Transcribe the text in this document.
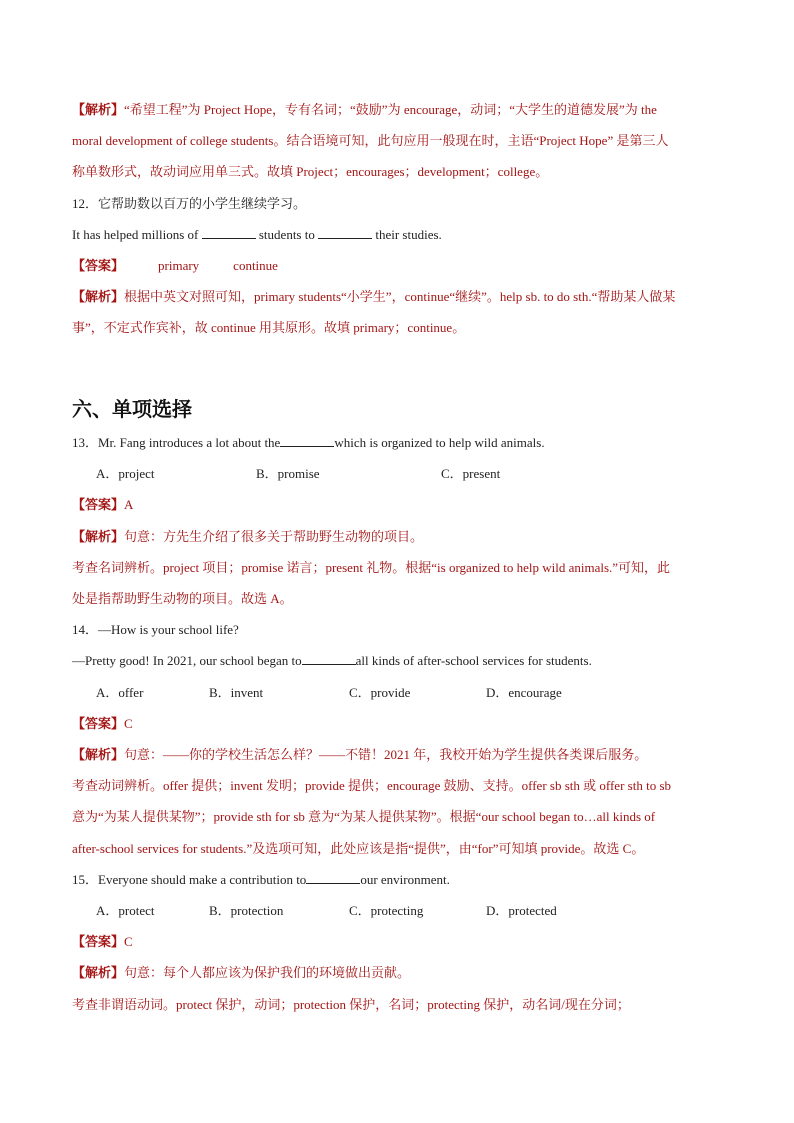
【解析】“希望工程”为 Project Hope，专有名词；“鼓励”为 encourage，动词；“大学生的道德发展”为 the
moral development of college students。结合语境可知，此句应用一般现在时，主语“Project Hope” 是第三人
称单数形式，故动词应用单三式。故填 Project；encourages；development；college。
12．它帮助数以百万的小学生继续学习。
It has helped millions of	students to	their studies.
【答案】	primary	continue
【解析】根据中英文对照可知，primary students“小学生”，continue“继续”。help sb. to do sth.“帮助某人做某
事”，不定式作宾补，故 continue 用其原形。故填 primary；continue。
六、单项选择
13．Mr. Fang introduces a lot about the	which is organized to help wild animals.
A．project	B．promise	C．present
【答案】A
【解析】句意：方先生介绍了很多关于帮助野生动物的项目。
考查名词辨析。project 项目；promise 诺言；present 礼物。根据“is organized to help wild animals.”可知，此
处是指帮助野生动物的项目。故选 A。
14．—How is your school life?
—Pretty good! In 2021, our school began to	all kinds of after-school services for students.
A．offer	B．invent	C．provide	D．encourage
【答案】C
【解析】句意：——你的学校生活怎么样？——不错！2021 年，我校开始为学生提供各类课后服务。
考查动词辨析。offer 提供；invent 发明；provide 提供；encourage 鼓励、支持。offer sb sth 或 offer sth to sb
意为“为某人提供某物”；provide sth for sb 意为“为某人提供某物”。根据“our school began to…all kinds of
after-school services for students.”及选项可知，此处应该是指“提供”，由“for”可知填 provide。故选 C。
15．Everyone should make a contribution to	our environment.
A．protect	B．protection	C．protecting	D．protected
【答案】C
【解析】句意：每个人都应该为保护我们的环境做出贡献。
考查非谓语动词。protect 保护，动词；protection 保护，名词；protecting 保护，动名词/现在分词；
